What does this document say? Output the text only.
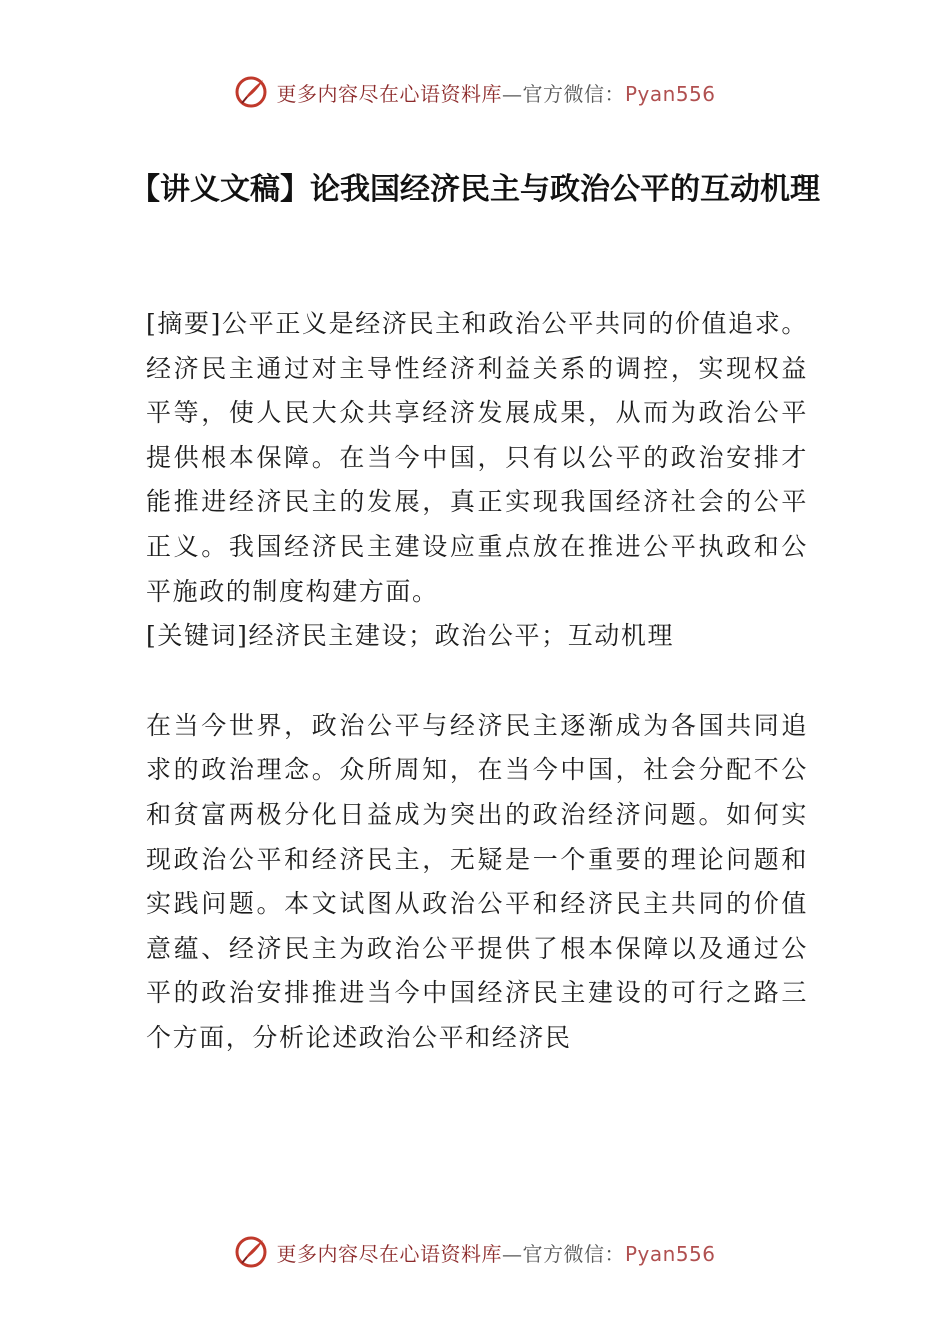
更多内容尽在心语资料库—官方微信：Pyan556
【讲义文稿】论我国经济民主与政治公平的互动机理

[摘要]公平正义是经济民主和政治公平共同的价值追求。经济民主通过对主导性经济利益关系的调控，实现权益平等，使人民大众共享经济发展成果，从而为政治公平提供根本保障。在当今中国，只有以公平的政治安排才能推进经济民主的发展，真正实现我国经济社会的公平正义。我国经济民主建设应重点放在推进公平执政和公平施政的制度构建方面。

[关键词]经济民主建设；政治公平；互动机理

在当今世界，政治公平与经济民主逐渐成为各国共同追求的政治理念。众所周知，在当今中国，社会分配不公和贫富两极分化日益成为突出的政治经济问题。如何实现政治公平和经济民主，无疑是一个重要的理论问题和实践问题。本文试图从政治公平和经济民主共同的价值意蕴、经济民主为政治公平提供了根本保障以及通过公平的政治安排推进当今中国经济民主建设的可行之路三个方面，分析论述政治公平和经济民

更多内容尽在心语资料库—官方微信：Pyan556
